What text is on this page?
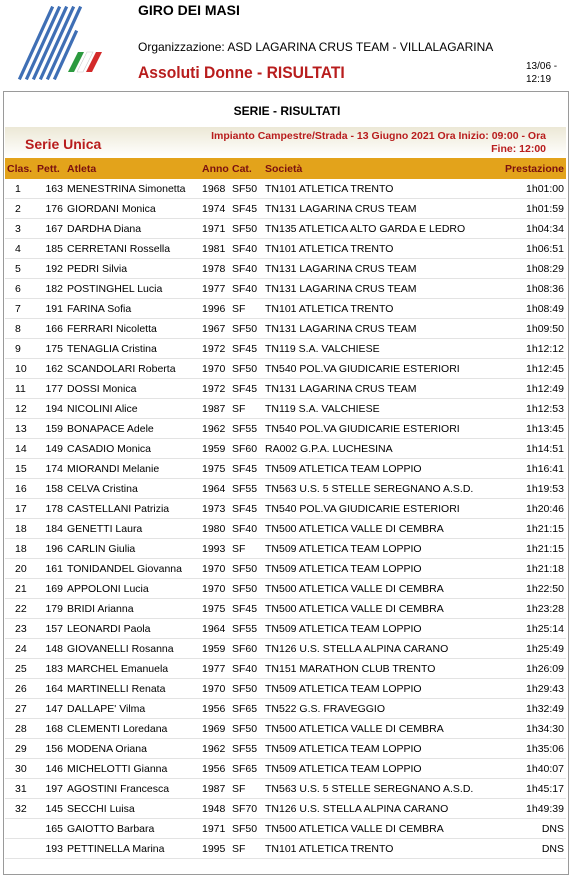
GIRO DEI MASI
Organizzazione: ASD LAGARINA CRUS TEAM - VILLALAGARINA
Assoluti Donne - RISULTATI	13/06 -
12:19
SERIE - RISULTATI
Serie Unica	Impianto Campestre/Strada - 13 Giugno 2021 Ora Inizio: 09:00 - Ora
Fine: 12:00
Clas.	Pett.	Atleta	Anno	Cat.	Società	Prestazione
1	163	MENESTRINA Simonetta	1968	SF50	TN101 ATLETICA TRENTO	1h01:00
2	176	GIORDANI Monica	1974	SF45	TN131 LAGARINA CRUS TEAM	1h01:59
3	167	DARDHA Diana	1971	SF50	TN135 ATLETICA ALTO GARDA E LEDRO	1h04:34
4	185	CERRETANI Rossella	1981	SF40	TN101 ATLETICA TRENTO	1h06:51
5	192	PEDRI Silvia	1978	SF40	TN131 LAGARINA CRUS TEAM	1h08:29
6	182	POSTINGHEL Lucia	1977	SF40	TN131 LAGARINA CRUS TEAM	1h08:36
7	191	FARINA Sofia	1996	SF	TN101 ATLETICA TRENTO	1h08:49
8	166	FERRARI Nicoletta	1967	SF50	TN131 LAGARINA CRUS TEAM	1h09:50
9	175	TENAGLIA Cristina	1972	SF45	TN119 S.A. VALCHIESE	1h12:12
10	162	SCANDOLARI Roberta	1970	SF50	TN540 POL.VA GIUDICARIE ESTERIORI	1h12:45
11	177	DOSSI Monica	1972	SF45	TN131 LAGARINA CRUS TEAM	1h12:49
12	194	NICOLINI Alice	1987	SF	TN119 S.A. VALCHIESE	1h12:53
13	159	BONAPACE Adele	1962	SF55	TN540 POL.VA GIUDICARIE ESTERIORI	1h13:45
14	149	CASADIO Monica	1959	SF60	RA002 G.P.A. LUCHESINA	1h14:51
15	174	MIORANDI Melanie	1975	SF45	TN509 ATLETICA TEAM LOPPIO	1h16:41
16	158	CELVA Cristina	1964	SF55	TN563 U.S. 5 STELLE SEREGNANO A.S.D.	1h19:53
17	178	CASTELLANI Patrizia	1973	SF45	TN540 POL.VA GIUDICARIE ESTERIORI	1h20:46
18	184	GENETTI Laura	1980	SF40	TN500 ATLETICA VALLE DI CEMBRA	1h21:15
18	196	CARLIN Giulia	1993	SF	TN509 ATLETICA TEAM LOPPIO	1h21:15
20	161	TONIDANDEL Giovanna	1970	SF50	TN509 ATLETICA TEAM LOPPIO	1h21:18
21	169	APPOLONI Lucia	1970	SF50	TN500 ATLETICA VALLE DI CEMBRA	1h22:50
22	179	BRIDI Arianna	1975	SF45	TN500 ATLETICA VALLE DI CEMBRA	1h23:28
23	157	LEONARDI Paola	1964	SF55	TN509 ATLETICA TEAM LOPPIO	1h25:14
24	148	GIOVANELLI Rosanna	1959	SF60	TN126 U.S. STELLA ALPINA CARANO	1h25:49
25	183	MARCHEL Emanuela	1977	SF40	TN151 MARATHON CLUB TRENTO	1h26:09
26	164	MARTINELLI Renata	1970	SF50	TN509 ATLETICA TEAM LOPPIO	1h29:43
27	147	DALLAPE' Vilma	1956	SF65	TN522 G.S. FRAVEGGIO	1h32:49
28	168	CLEMENTI Loredana	1969	SF50	TN500 ATLETICA VALLE DI CEMBRA	1h34:30
29	156	MODENA Oriana	1962	SF55	TN509 ATLETICA TEAM LOPPIO	1h35:06
30	146	MICHELOTTI Gianna	1956	SF65	TN509 ATLETICA TEAM LOPPIO	1h40:07
31	197	AGOSTINI Francesca	1987	SF	TN563 U.S. 5 STELLE SEREGNANO A.S.D.	1h45:17
32	145	SECCHI Luisa	1948	SF70	TN126 U.S. STELLA ALPINA CARANO	1h49:39
	165	GAIOTTO Barbara	1971	SF50	TN500 ATLETICA VALLE DI CEMBRA	DNS
	193	PETTINELLA Marina	1995	SF	TN101 ATLETICA TRENTO	DNS
